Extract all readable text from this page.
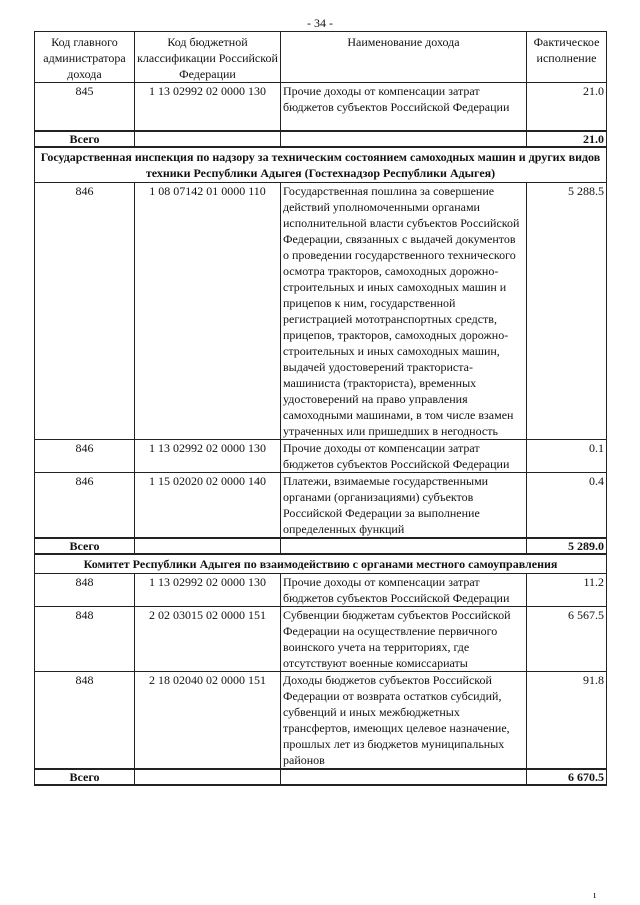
- 34 -
Код главного администратора дохода	Код бюджетной классификации Российской Федерации	Наименование дохода	Фактическое исполнение
845	1 13 02992 02 0000 130	Прочие доходы от компенсации затрат бюджетов субъектов Российской Федерации	21.0
Всего			21.0
Государственная инспекция по надзору за техническим состоянием самоходных машин и других видов техники Республики Адыгея (Гостехнадзор Республики Адыгея)			
846	1 08 07142 01 0000 110	Государственная пошлина за совершение действий уполномоченными органами исполнительной власти субъектов Российской Федерации, связанных с выдачей документов о проведении государственного технического осмотра тракторов, самоходных дорожно-строительных и иных самоходных машин и прицепов к ним, государственной регистрацией мототранспортных средств, прицепов, тракторов, самоходных дорожно-строительных и иных самоходных машин, выдачей удостоверений тракториста-машиниста (тракториста), временных удостоверений на право управления самоходными машинами, в том числе взамен утраченных или пришедших в негодность	5 288.5
846	1 13 02992 02 0000 130	Прочие доходы от компенсации затрат бюджетов субъектов Российской Федерации	0.1
846	1 15 02020 02 0000 140	Платежи, взимаемые государственными органами (организациями) субъектов Российской Федерации за выполнение определенных функций	0.4
Всего			5 289.0
Комитет Республики Адыгея по взаимодействию с органами местного самоуправления			
848	1 13 02992 02 0000 130	Прочие доходы от компенсации затрат бюджетов субъектов Российской Федерации	11.2
848	2 02 03015 02 0000 151	Субвенции бюджетам субъектов Российской Федерации на осуществление первичного воинского учета на территориях, где отсутствуют военные комиссариаты	6 567.5
848	2 18 02040 02 0000 151	Доходы бюджетов субъектов Российской Федерации от возврата остатков субсидий, субвенций и иных межбюджетных трансфертов, имеющих целевое назначение, прошлых лет из бюджетов муниципальных районов	91.8
Всего			6 670.5
ı
